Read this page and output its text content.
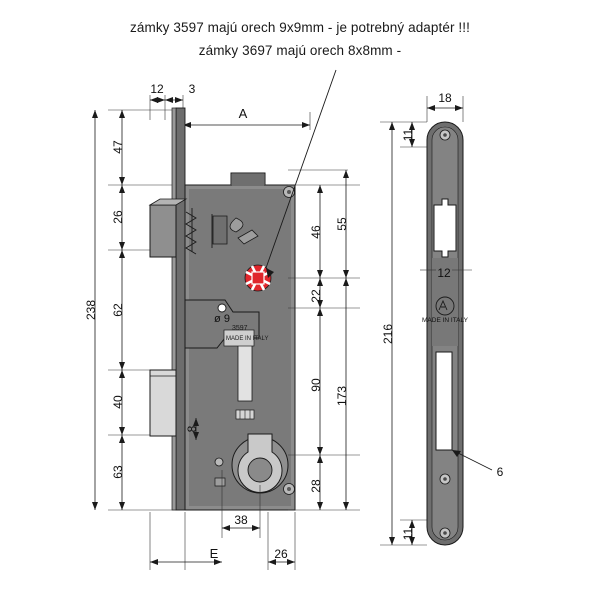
zámky 3597 majú orech 9x9mm - je potrebný adaptér !!!
zámky 3697 majú orech 8x8mm -
238
47
26
62
40
63
12 3
A
46
55
22
90
173
28
ø 9
8
3597
MADE IN ITALY
38
E	26
18
11
11
216
12
6
MADE IN ITALY
